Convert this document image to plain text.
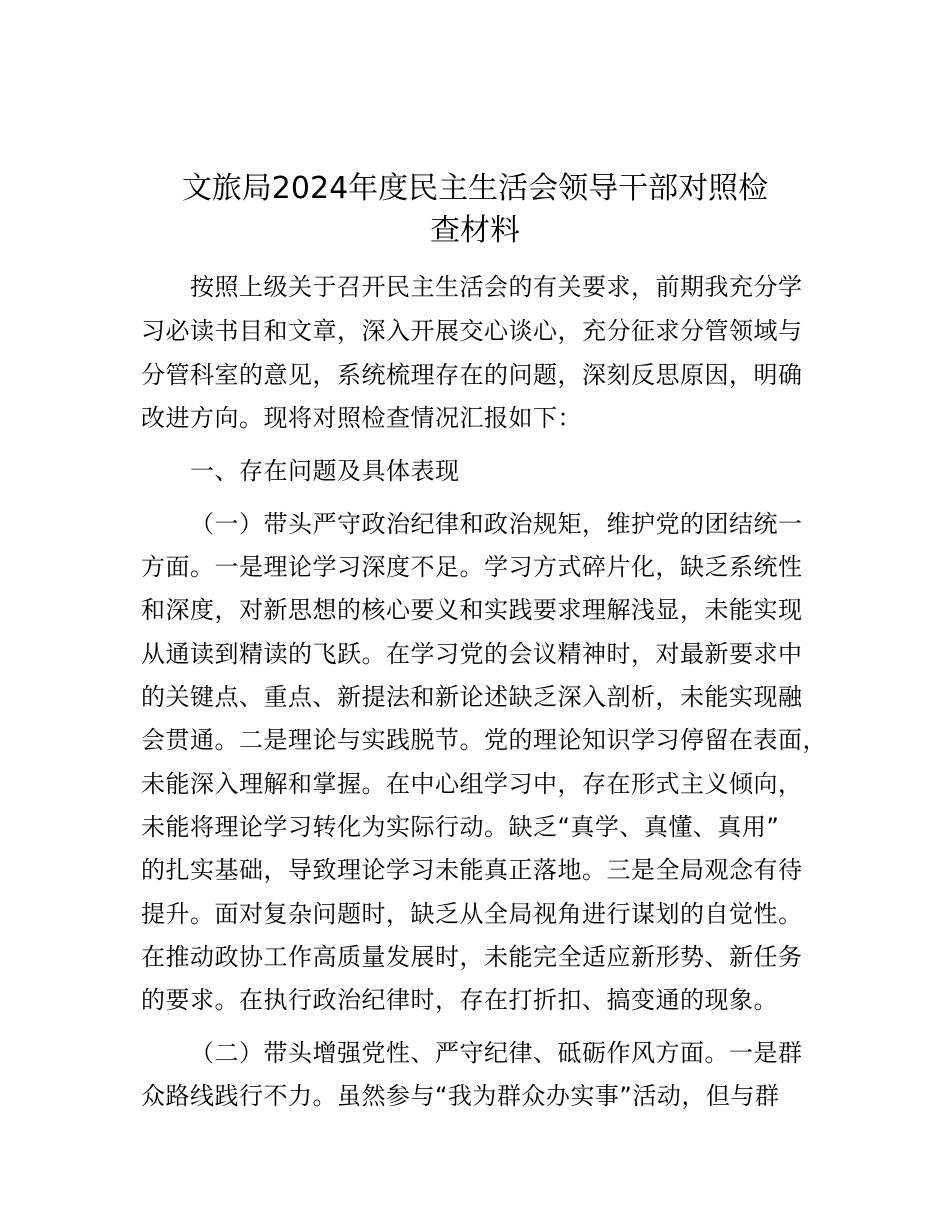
文旅局2024年度民主生活会领导干部对照检
查材料
按照上级关于召开民主生活会的有关要求，前期我充分学
习必读书目和文章，深入开展交心谈心，充分征求分管领域与
分管科室的意见，系统梳理存在的问题，深刻反思原因，明确
改进方向。现将对照检查情况汇报如下：
一、存在问题及具体表现
（一）带头严守政治纪律和政治规矩，维护党的团结统一
方面。一是理论学习深度不足。学习方式碎片化，缺乏系统性
和深度，对新思想的核心要义和实践要求理解浅显，未能实现
从通读到精读的飞跃。在学习党的会议精神时，对最新要求中
的关键点、重点、新提法和新论述缺乏深入剖析，未能实现融
会贯通。二是理论与实践脱节。党的理论知识学习停留在表面，
未能深入理解和掌握。在中心组学习中，存在形式主义倾向，
未能将理论学习转化为实际行动。缺乏“真学、真懂、真用”
的扎实基础，导致理论学习未能真正落地。三是全局观念有待
提升。面对复杂问题时，缺乏从全局视角进行谋划的自觉性。
在推动政协工作高质量发展时，未能完全适应新形势、新任务
的要求。在执行政治纪律时，存在打折扣、搞变通的现象。
（二）带头增强党性、严守纪律、砥砺作风方面。一是群
众路线践行不力。虽然参与“我为群众办实事”活动，但与群
